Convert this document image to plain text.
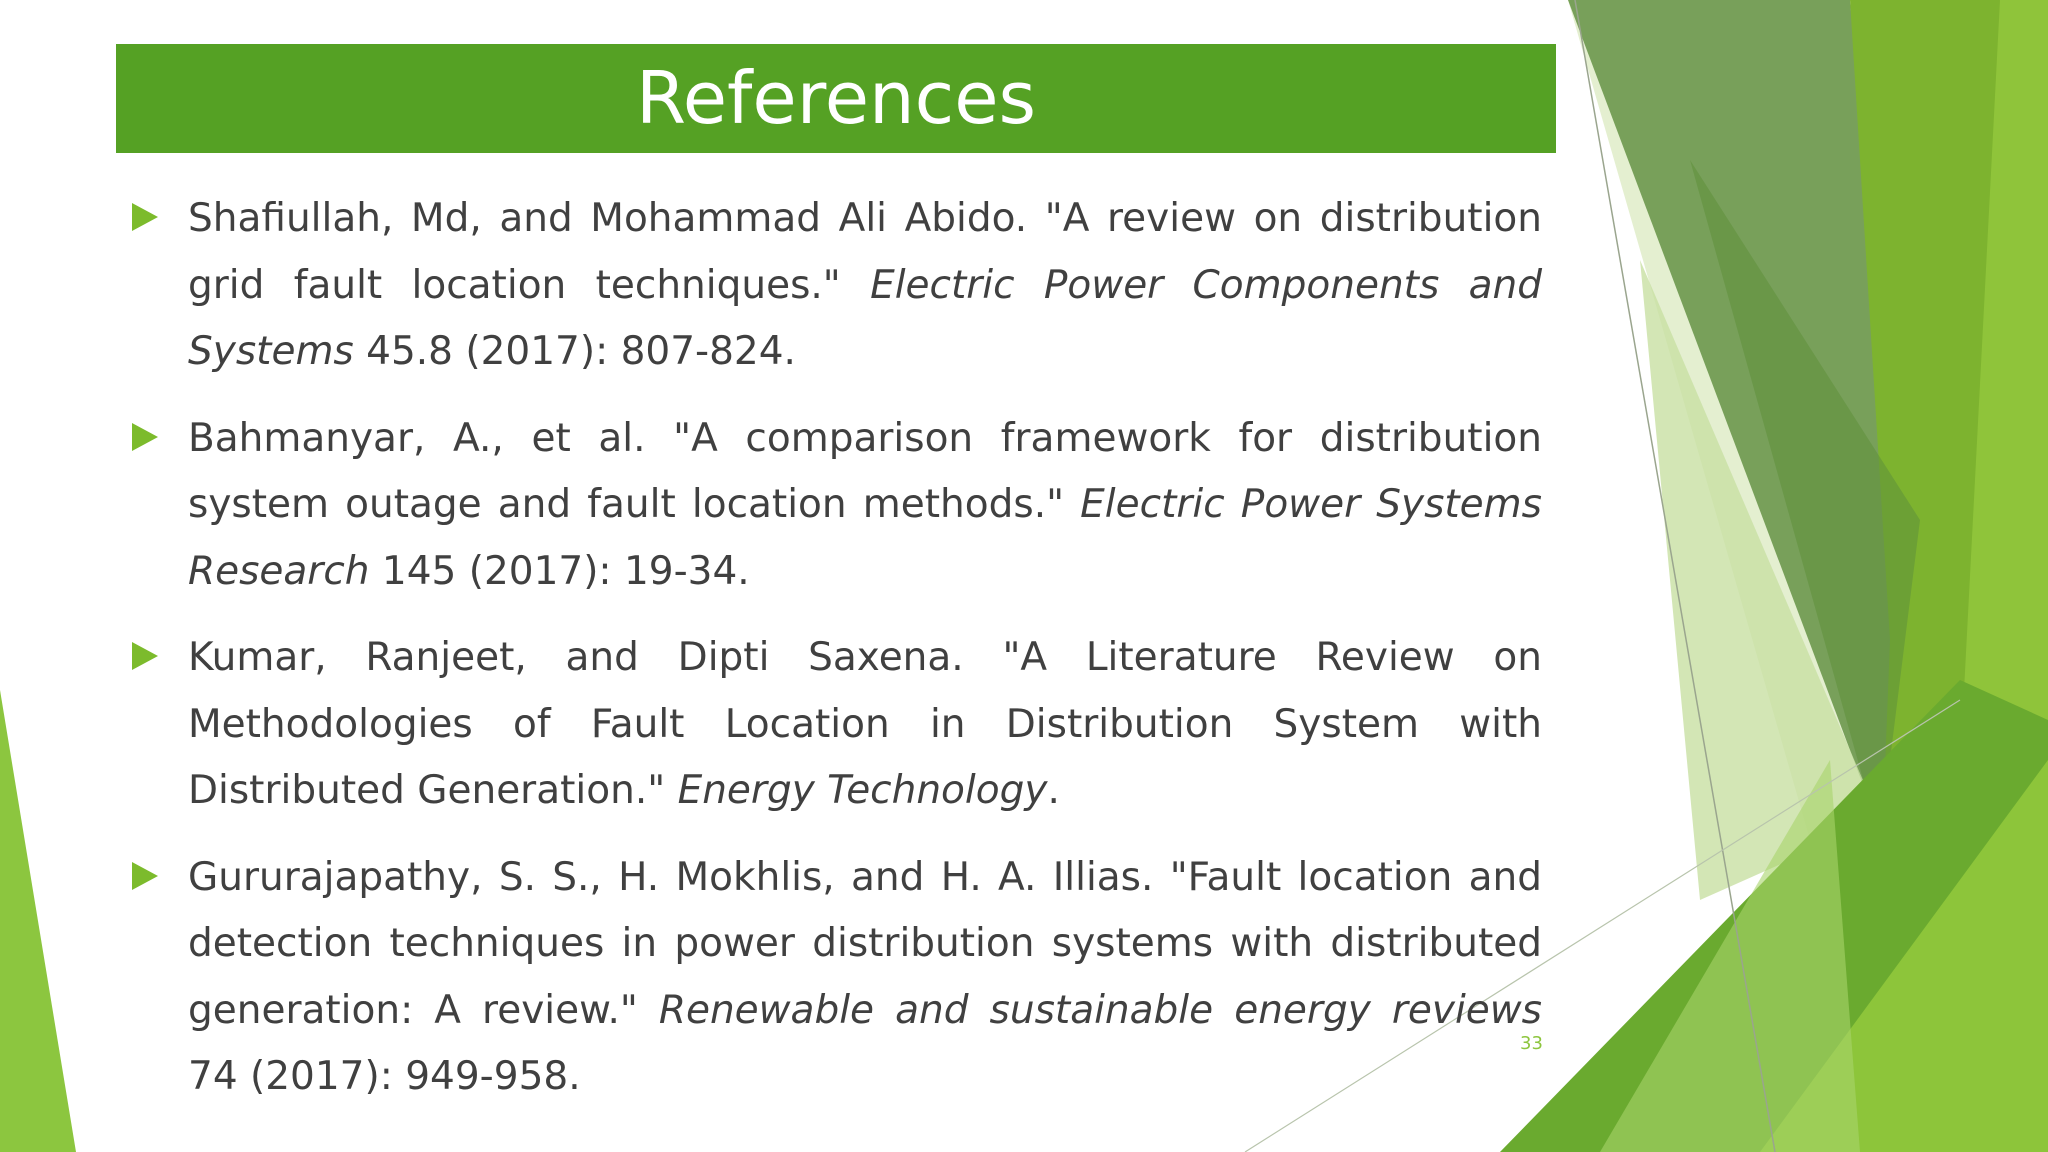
References
Shafiullah, Md, and Mohammad Ali Abido. "A review on distribution grid fault location techniques." Electric Power Components and Systems 45.8 (2017): 807-824.
Bahmanyar, A., et al. "A comparison framework for distribution system outage and fault location methods." Electric Power Systems Research 145 (2017): 19-34.
Kumar, Ranjeet, and Dipti Saxena. "A Literature Review on Methodologies of Fault Location in Distribution System with Distributed Generation." Energy Technology.
Gururajapathy, S. S., H. Mokhlis, and H. A. Illias. "Fault location and detection techniques in power distribution systems with distributed generation: A review." Renewable and sustainable energy reviews 74 (2017): 949-958.
33
